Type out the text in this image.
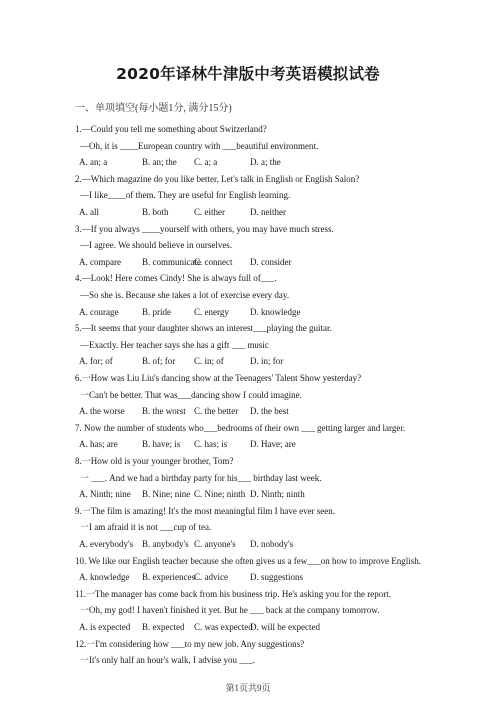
2020年译林牛津版中考英语模拟试卷
一、单项填空(每小题1分, 满分15分)
1.—Could you tell me something about Switzerland?
—Oh, it is ____European country with ___beautiful environment.
A. an; a	B. an; the C. a; a	D. a; the
2.—Which magazine do you like better, Let's talk in English or English Salon?
—I like____of them. They are useful for English learning.
A. all	B. both	C. either	D. neither
3.—If you always ____yourself with others, you may have much stress.
—I agree. We should believe in ourselves.
A. compare B. communicate
C. connect D. consider
4.—Look! Here comes Cindy! She is always full of___.
—So she is. Because she takes a lot of exercise every day.
A. courage	B. pride	C. energy D. knowledge
5.—It seems that your daughter shows an interest___playing the guitar.
—Exactly. Her teacher says she has a gift ___ music
A. for; of	B. of; for C. in; of	D. in; for
6.一How was Liu Liu's dancing show at the Teenagers' Talent Show yesterday?
一Can't be better. That was___dancing show I could imagine.
A. the worse B. the worst C. the better D. the best
7. Now the number of students who___bedrooms of their own ___ getting larger and larger.
A. has; are	B. have; is C. has; is	D. Have; are
8.一How old is your younger brother, Tom?
一 ___. And we had a birthday party for his___ birthday last week.
A. Ninth; nine B. Nine; nine C. Nine; ninth D. Ninth; ninth
9.一The film is amazing! It's the most meaningful film I have ever seen.
一I am afraid it is not ___cup of tea.
A. everybody's B. anybody's C. anyone's D. nobody's
10. We like our English teacher because she often gives us a few___on how to improve English.
A. knowledge B. experiences C. advice D. suggestions
11.一The manager has come back from his business trip. He's asking you for the report.
一Oh, my god! I haven't finished it yet. But he ___ back at the company tomorrow.
A. is expected B. expected C. was expected
D. will be expected
12.一I'm considering how ___to my new job. Any suggestions?
一It's only half an hour's walk, I advise you ___.
第1页共9页
